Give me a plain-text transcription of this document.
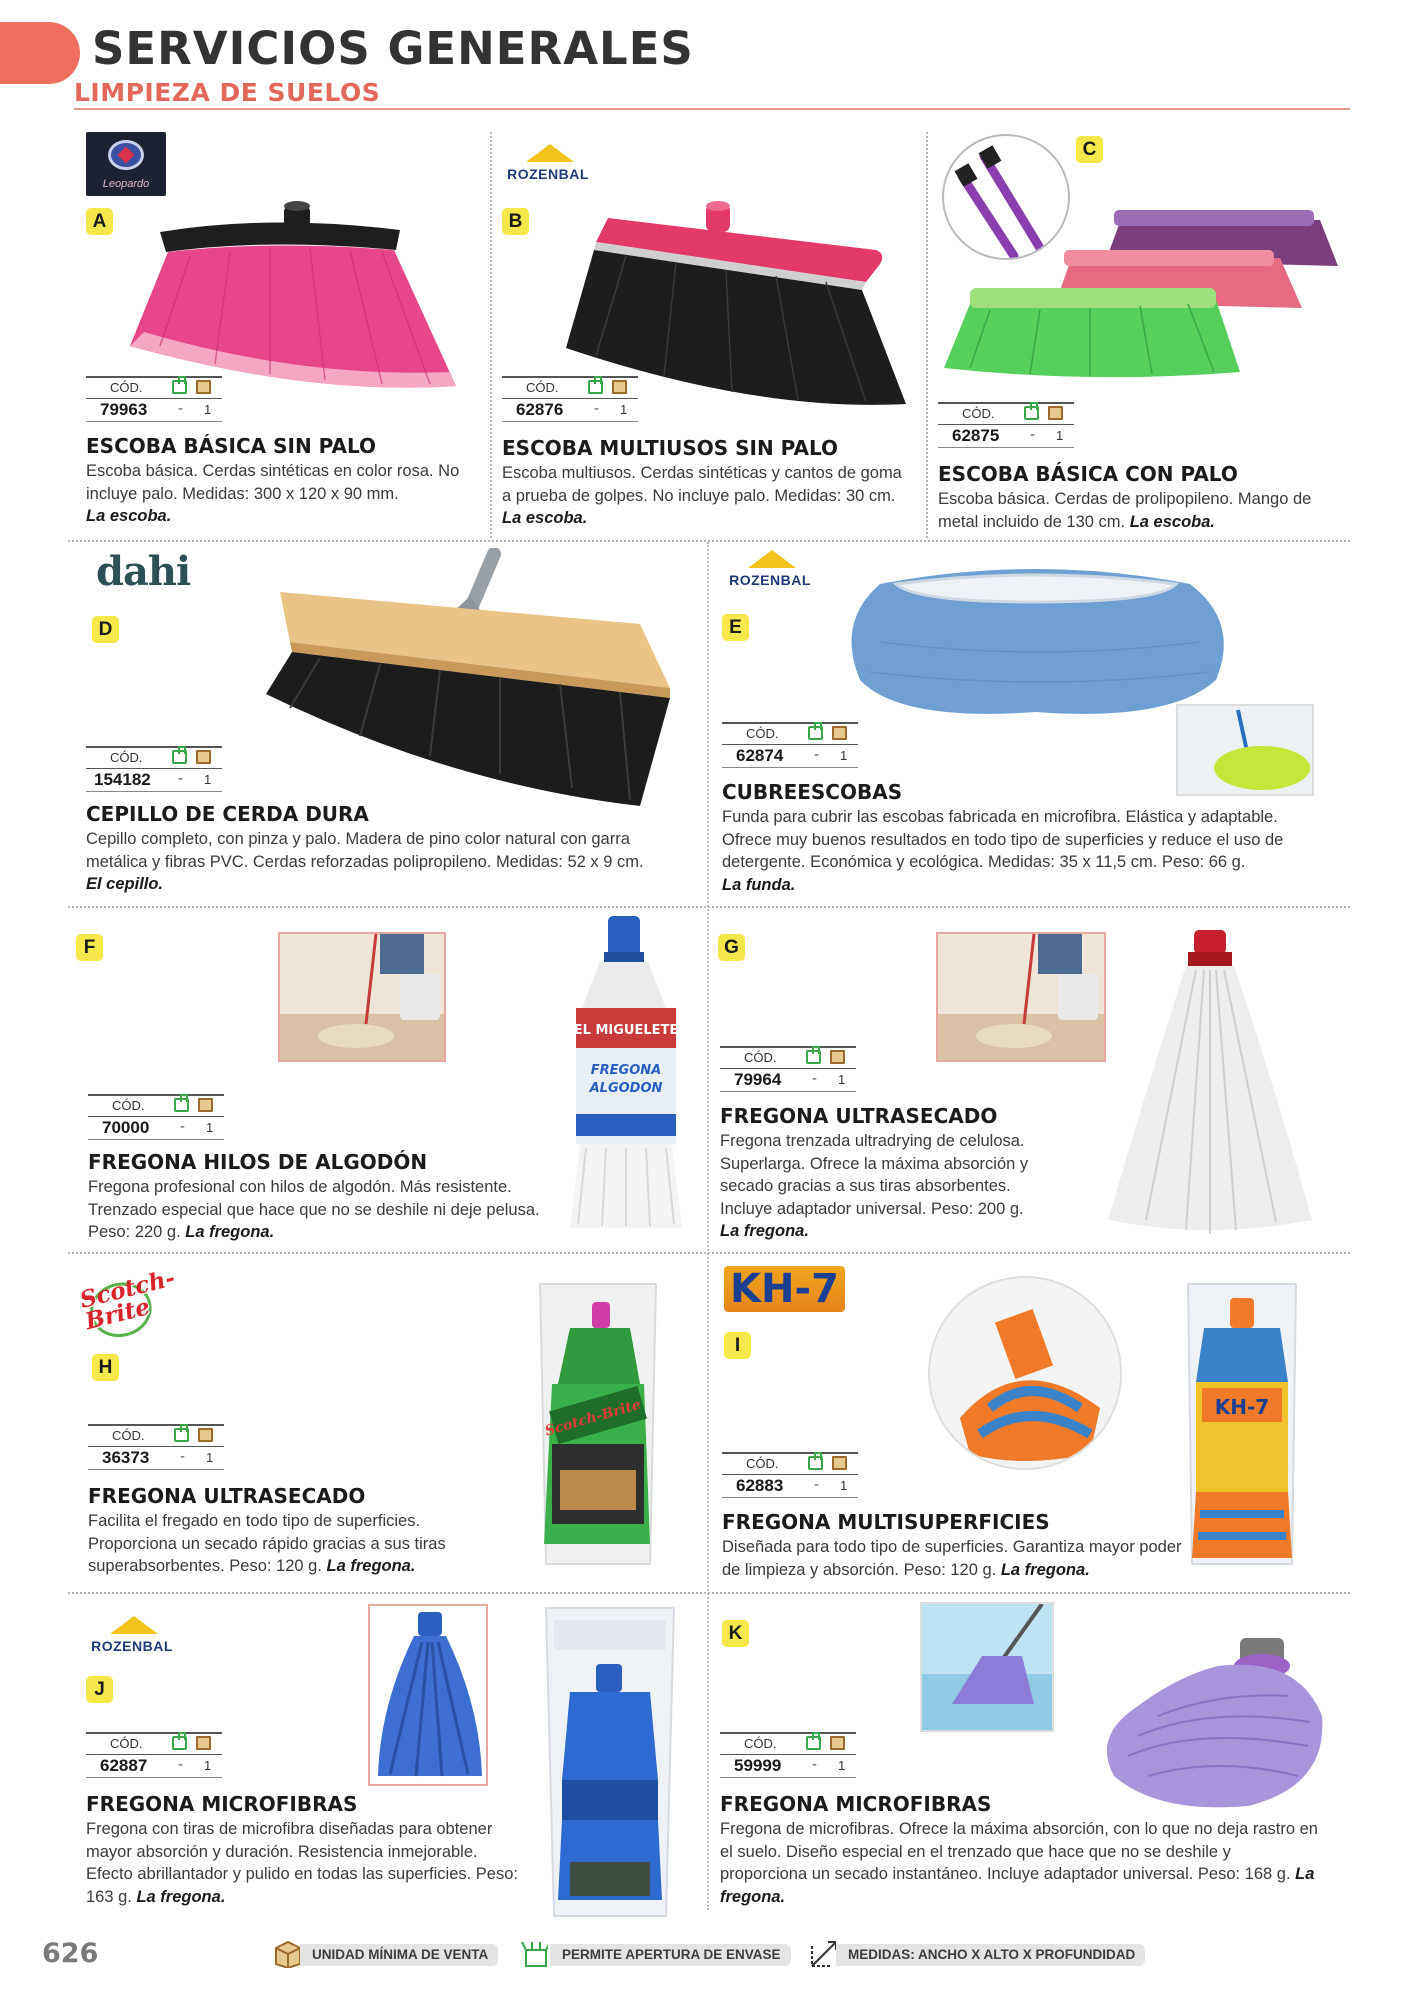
SERVICIOS GENERALES
LIMPIEZA DE SUELOS
Leopardo
A
CÓD.
79963 - 1
ESCOBA BÁSICA SIN PALO
Escoba básica. Cerdas sintéticas en color rosa. No incluye palo. Medidas: 300 x 120 x 90 mm.
La escoba.
ROZENBAL
B
CÓD.
62876 - 1
ESCOBA MULTIUSOS SIN PALO
Escoba multiusos. Cerdas sintéticas y cantos de goma a prueba de golpes. No incluye palo. Medidas: 30 cm. La escoba.
C
CÓD.
62875 - 1
ESCOBA BÁSICA CON PALO
Escoba básica. Cerdas de prolipopileno. Mango de metal incluido de 130 cm. La escoba.
dahi
D
CÓD.
154182 - 1
CEPILLO DE CERDA DURA
Cepillo completo, con pinza y palo. Madera de pino color natural con garra metálica y fibras PVC. Cerdas reforzadas polipropileno. Medidas: 52 x 9 cm.
El cepillo.
ROZENBAL
E
CÓD.
62874 - 1
CUBREESCOBAS
Funda para cubrir las escobas fabricada en microfibra. Elástica y adaptable. Ofrece muy buenos resultados en todo tipo de superficies y reduce el uso de detergente. Económica y ecológica. Medidas: 35 x 11,5 cm. Peso: 66 g.
La funda.
F
EL MIGUELETE
FREGONA
ALGODON
CÓD.
70000 - 1
FREGONA HILOS DE ALGODÓN
Fregona profesional con hilos de algodón. Más resistente. Trenzado especial que hace que no se deshile ni deje pelusa. Peso: 220 g. La fregona.
G
CÓD.
79964 - 1
FREGONA ULTRASECADO
Fregona trenzada ultradrying de celulosa. Superlarga. Ofrece la máxima absorción y secado gracias a sus tiras absorbentes. Incluye adaptador universal. Peso: 200 g.
La fregona.
Scotch-Brite
H
Scotch-Brite
CÓD.
36373 - 1
FREGONA ULTRASECADO
Facilita el fregado en todo tipo de superficies. Proporciona un secado rápido gracias a sus tiras superabsorbentes. Peso: 120 g. La fregona.
KH-7
I
KH-7
CÓD.
62883 - 1
FREGONA MULTISUPERFICIES
Diseñada para todo tipo de superficies. Garantiza mayor poder de limpieza y absorción. Peso: 120 g. La fregona.
ROZENBAL
J
CÓD.
62887 - 1
FREGONA MICROFIBRAS
Fregona con tiras de microfibra diseñadas para obtener mayor absorción y duración. Resistencia inmejorable. Efecto abrillantador y pulido en todas las superficies. Peso: 163 g. La fregona.
K
CÓD.
59999 - 1
FREGONA MICROFIBRAS
Fregona de microfibras. Ofrece la máxima absorción, con lo que no deja rastro en el suelo. Diseño especial en el trenzado que hace que no se deshile y proporciona un secado instantáneo. Incluye adaptador universal. Peso: 168 g. La fregona.
626	UNIDAD MÍNIMA DE VENTA	PERMITE APERTURA DE ENVASE	MEDIDAS: ANCHO X ALTO X PROFUNDIDAD
